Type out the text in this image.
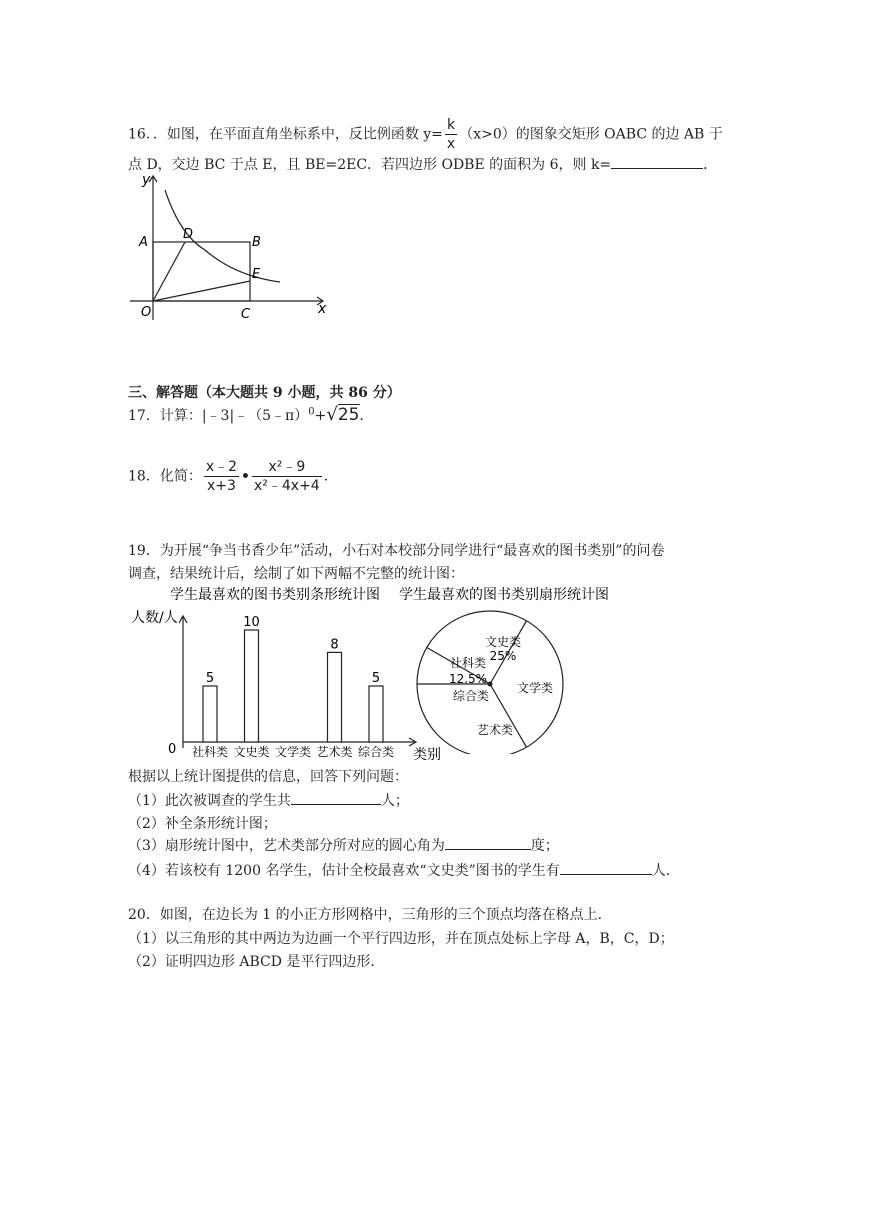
16．．如图，在平面直角坐标系中，反比例函数 $y= \frac{k}{x} (x>0)$的图象交矩形 OABC 的边 AB 于
点 D，交边 BC 于点 E，且 BE=2EC．若四边形 ODBE 的面积为 6，则 k=	．
y
x
A
D
B
E
O	C
三、解答题（本大题共 9 小题，共 86 分）
17．计算：|﹣3|﹣（5﹣π）$^0$+√25．
18．化简： $\frac{x﹣2}{x+3}$ • $\frac{\text{x²﹣9}}{\text{x²﹣4x+4}}$ ．
19．为开展“争当书香少年”活动，小石对本校部分同学进行“最喜欢的图书类别”的问卷
调查，结果统计后，绘制了如下两幅不完整的统计图：
学生最喜欢的图书类别条形统计图
人数/人
0	类别
5
社科类
10
文史类 文学类
8
艺术类
5
综合类
学生最喜欢的图书类别扇形统计图
文史类
25%
文学类
艺术类
综合类
社科类
12.5%
根据以上统计图提供的信息，回答下列问题：
（1）此次被调查的学生共	人；
（2）补全条形统计图；
（3）扇形统计图中，艺术类部分所对应的圆心角为	度；
（4）若该校有 1200 名学生，估计全校最喜欢“文史类”图书的学生有	人．
20．如图，在边长为 1 的小正方形网格中，三角形的三个顶点均落在格点上．
（1）以三角形的其中两边为边画一个平行四边形，并在顶点处标上字母 A，B，C，D；
（2）证明四边形 ABCD 是平行四边形．
